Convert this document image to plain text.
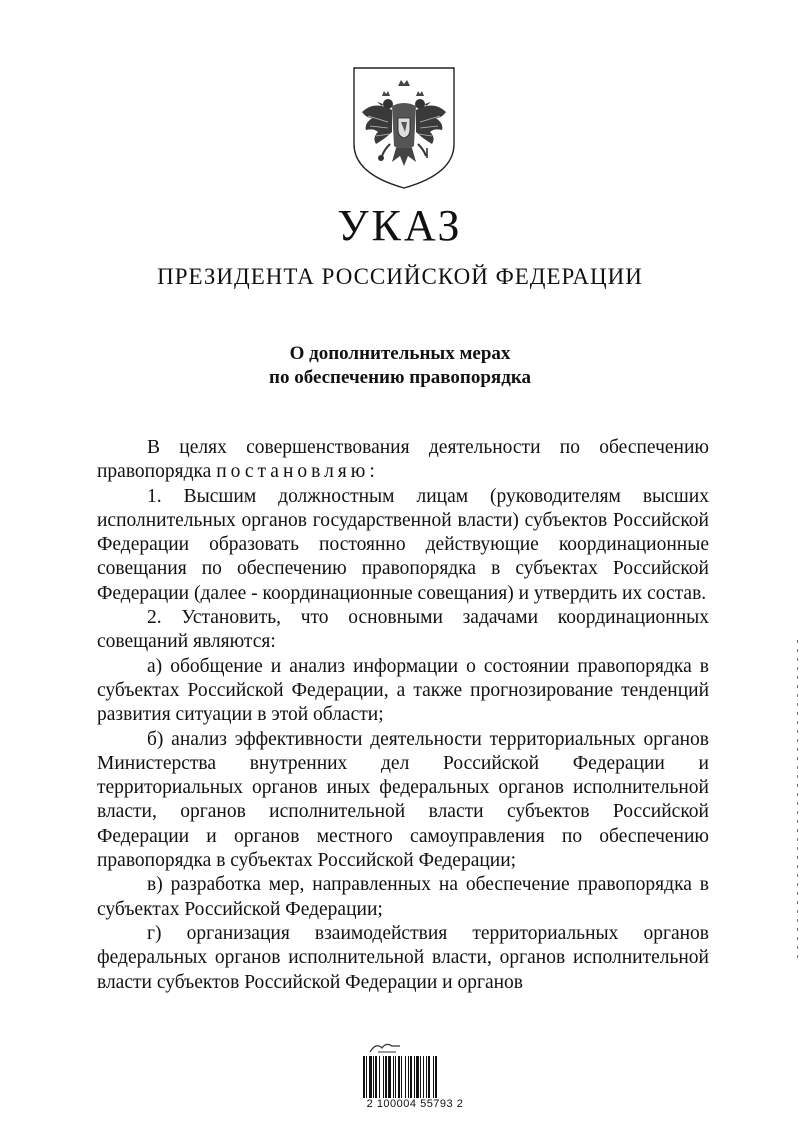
УКАЗ
ПРЕЗИДЕНТА РОССИЙСКОЙ ФЕДЕРАЦИИ
О дополнительных мерах
по обеспечению правопорядка

В целях совершенствования деятельности по обеспечению правопорядка постановляю:

1. Высшим должностным лицам (руководителям высших исполнительных органов государственной власти) субъектов Российской Федерации образовать постоянно действующие координационные совещания по обеспечению правопорядка в субъектах Российской Федерации (далее - координационные совещания) и утвердить их состав.

2. Установить, что основными задачами координационных совещаний являются:

а) обобщение и анализ информации о состоянии правопорядка в субъектах Российской Федерации, а также прогнозирование тенденций развития ситуации в этой области;

б) анализ эффективности деятельности территориальных органов Министерства внутренних дел Российской Федерации и территориальных органов иных федеральных органов исполнительной власти, органов исполнительной власти субъектов Российской Федерации и органов местного самоуправления по обеспечению правопорядка в субъектах Российской Федерации;

в) разработка мер, направленных на обеспечение правопорядка в субъектах Российской Федерации;

г) организация взаимодействия территориальных органов федеральных органов исполнительной власти, органов исполнительной власти субъектов Российской Федерации и органов

2 100004 55793 2
